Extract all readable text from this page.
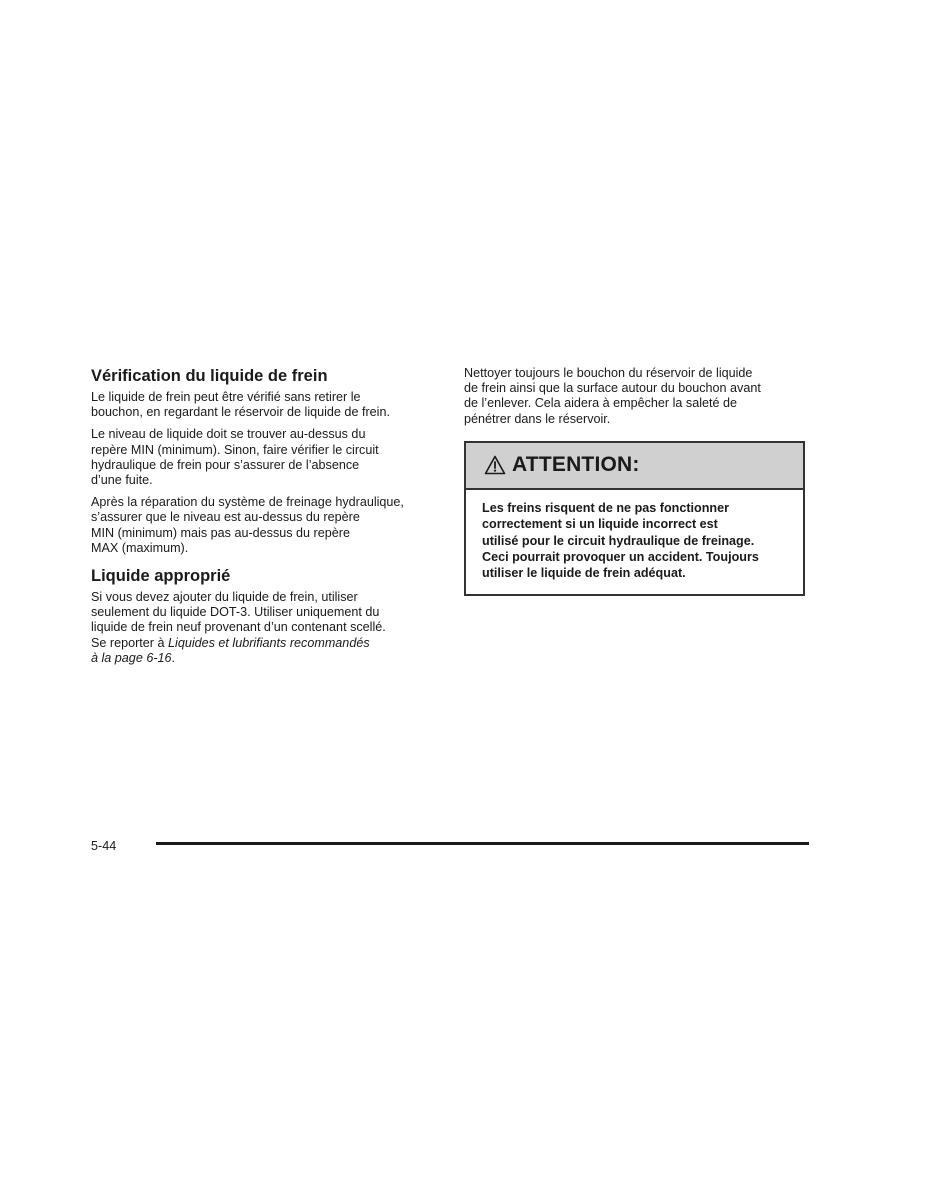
Vérification du liquide de frein

Le liquide de frein peut être vérifié sans retirer le
bouchon, en regardant le réservoir de liquide de frein.

Le niveau de liquide doit se trouver au-dessus du
repère MIN (minimum). Sinon, faire vérifier le circuit
hydraulique de frein pour s’assurer de l’absence
d’une fuite.

Après la réparation du système de freinage hydraulique,
s’assurer que le niveau est au-dessus du repère
MIN (minimum) mais pas au-dessus du repère
MAX (maximum).

Liquide approprié

Si vous devez ajouter du liquide de frein, utiliser
seulement du liquide DOT-3. Utiliser uniquement du
liquide de frein neuf provenant d’un contenant scellé.
Se reporter à Liquides et lubrifiants recommandés
à la page 6-16.

Nettoyer toujours le bouchon du réservoir de liquide
de frein ainsi que la surface autour du bouchon avant
de l’enlever. Cela aidera à empêcher la saleté de
pénétrer dans le réservoir.

ATTENTION:
Les freins risquent de ne pas fonctionner
correctement si un liquide incorrect est
utilisé pour le circuit hydraulique de freinage.
Ceci pourrait provoquer un accident. Toujours
utiliser le liquide de frein adéquat.
5-44
